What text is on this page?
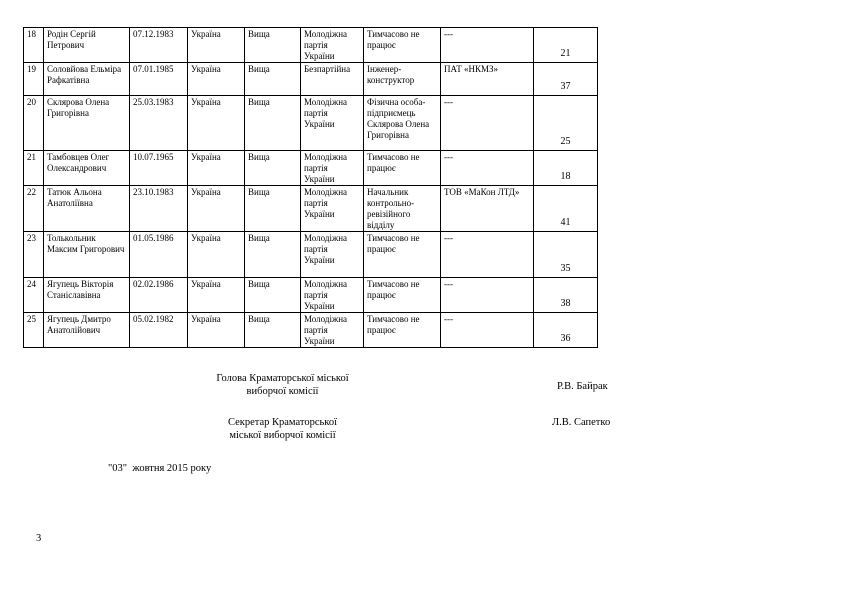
18	Родін Сергій Петрович	07.12.1983	Україна	Вища	Молодіжна партія України	Тимчасово не працює	---	21
19	Соловйова Ельміра Рафкатівна	07.01.1985	Україна	Вища	Безпартійна	Інженер-конструктор	ПАТ «НКМЗ»	37
20	Склярова Олена Григорівна	25.03.1983	Україна	Вища	Молодіжна партія України	Фізична особа-підприємець Склярова Олена Григорівна	---	25
21	Тамбовцев Олег Олександрович	10.07.1965	Україна	Вища	Молодіжна партія України	Тимчасово не працює	---	18
22	Татюк Альона Анатоліївна	23.10.1983	Україна	Вища	Молодіжна партія України	Начальник контрольно-ревізійного відділу	ТОВ «МаКон ЛТД»	41
23	Толькольник Максим Григорович	01.05.1986	Україна	Вища	Молодіжна партія України	Тимчасово не працює	---	35
24	Ягупець Вікторія Станіславівна	02.02.1986	Україна	Вища	Молодіжна партія України	Тимчасово не працює	---	38
25	Ягупець Дмитро Анатолійович	05.02.1982	Україна	Вища	Молодіжна партія України	Тимчасово не працює	---	36
Голова Краматорської міської
виборчої комісії	Р.В. Байрак
Секретар Краматорської
міської виборчої комісії
Л.В. Сапетко
"03"  жовтня 2015 року
3
